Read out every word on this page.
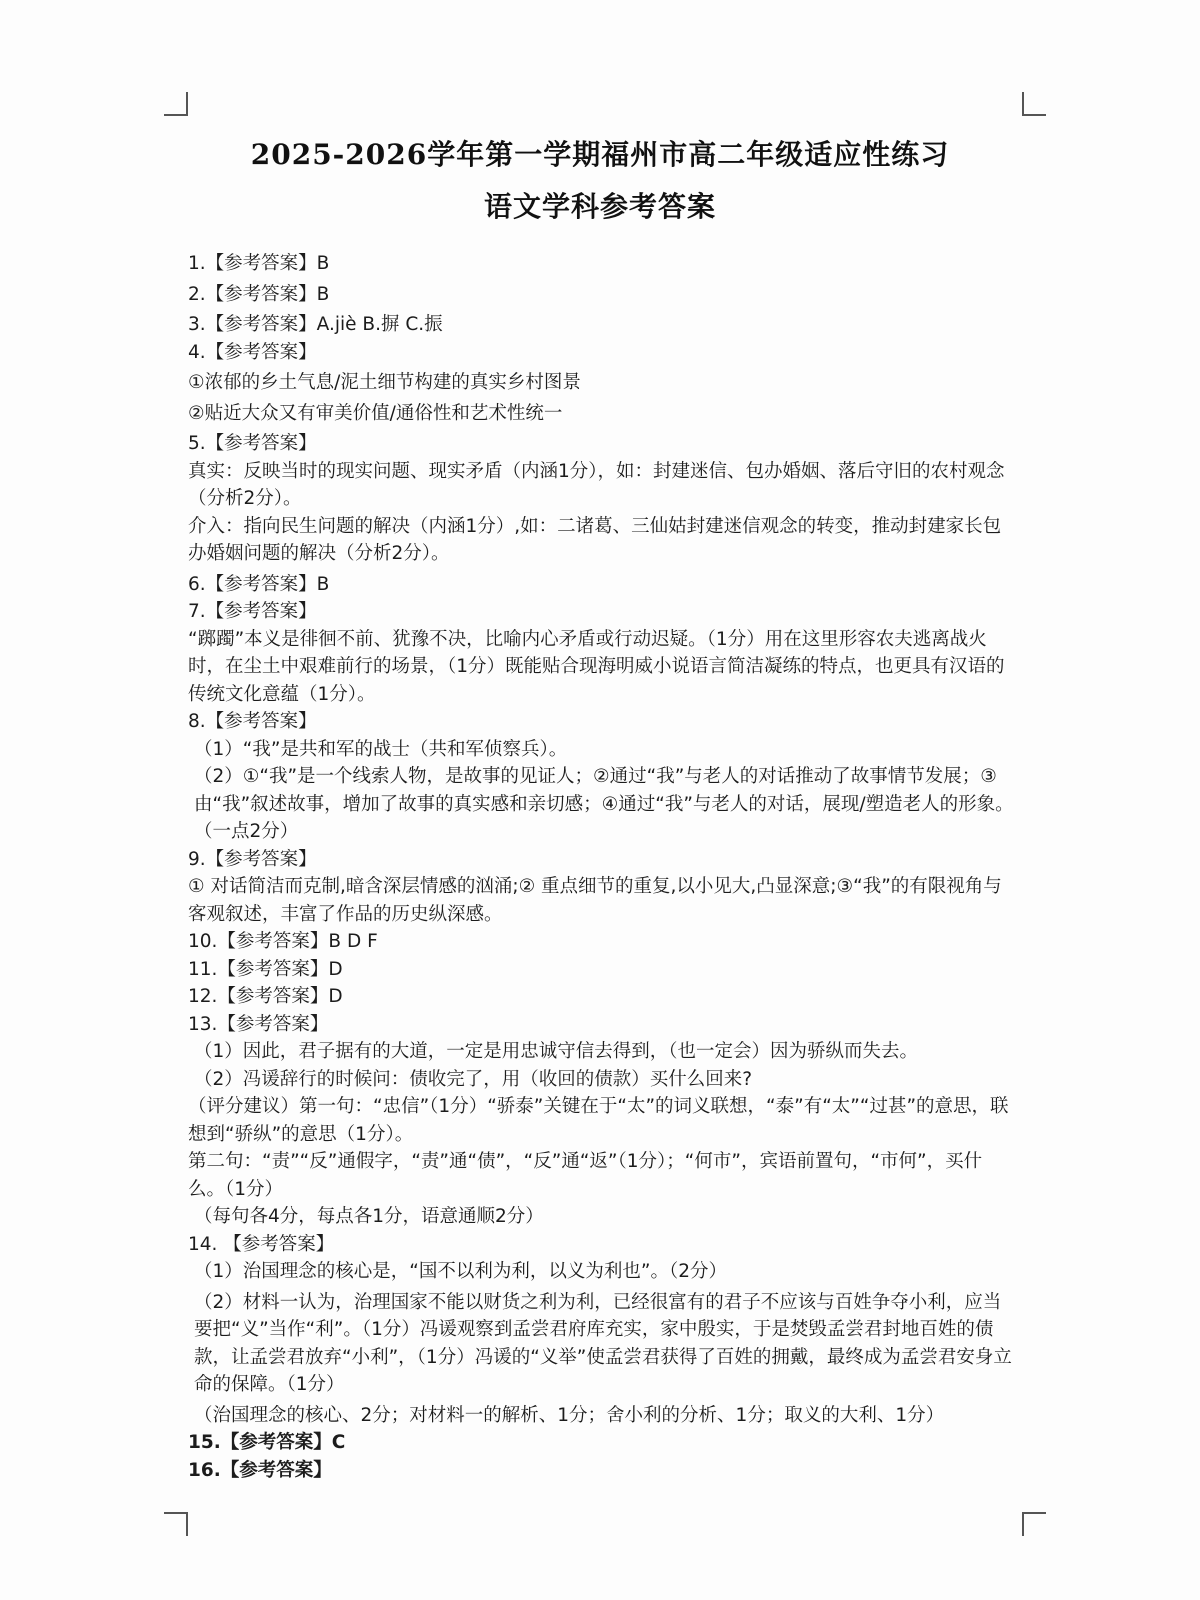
2025-2026学年第一学期福州市高二年级适应性练习
语文学科参考答案

1.【参考答案】B

2.【参考答案】B

3.【参考答案】A.jiè B.摒 C.振

4.【参考答案】

①浓郁的乡土气息/泥土细节构建的真实乡村图景

②贴近大众又有审美价值/通俗性和艺术性统一

5.【参考答案】

真实：反映当时的现实问题、现实矛盾（内涵1分），如：封建迷信、包办婚姻、落后守旧的农村观念（分析2分）。

介入：指向民生问题的解决（内涵1分）,如：二诸葛、三仙姑封建迷信观念的转变，推动封建家长包办婚姻问题的解决（分析2分）。

6.【参考答案】B

7.【参考答案】

“踯躅”本义是徘徊不前、犹豫不决，比喻内心矛盾或行动迟疑。（1分）用在这里形容农夫逃离战火时，在尘土中艰难前行的场景，（1分）既能贴合现海明威小说语言简洁凝练的特点，也更具有汉语的传统文化意蕴（1分）。

8.【参考答案】

（1）“我”是共和军的战士（共和军侦察兵）。

（2）①“我”是一个线索人物，是故事的见证人；②通过“我”与老人的对话推动了故事情节发展；③由“我”叙述故事，增加了故事的真实感和亲切感；④通过“我”与老人的对话，展现/塑造老人的形象。（一点2分）

9.【参考答案】

① 对话简洁而克制,暗含深层情感的汹涌;② 重点细节的重复,以小见大,凸显深意;③“我”的有限视角与客观叙述，丰富了作品的历史纵深感。

10.【参考答案】B D F

11.【参考答案】D

12.【参考答案】D

13.【参考答案】

（1）因此，君子据有的大道，一定是用忠诚守信去得到，（也一定会）因为骄纵而失去。

（2）冯谖辞行的时候问：债收完了，用（收回的债款）买什么回来?

（评分建议）第一句：“忠信”（1分）“骄泰”关键在于“太”的词义联想，“泰”有“太”“过甚”的意思，联想到“骄纵”的意思（1分）。

第二句：“责”“反”通假字，“责”通“债”，“反”通“返”（1分）；“何市”，宾语前置句，“市何”，买什么。（1分）

（每句各4分，每点各1分，语意通顺2分）

14. 【参考答案】

（1）治国理念的核心是，“国不以利为利，以义为利也”。（2分）

（2）材料一认为，治理国家不能以财货之利为利，已经很富有的君子不应该与百姓争夺小利，应当要把“义”当作“利”。（1分）冯谖观察到孟尝君府库充实，家中殷实，于是焚毁孟尝君封地百姓的债款，让孟尝君放弃“小利”，（1分）冯谖的“义举”使孟尝君获得了百姓的拥戴，最终成为孟尝君安身立命的保障。（1分）

（治国理念的核心、2分；对材料一的解析、1分；舍小利的分析、1分；取义的大利、1分）

15.【参考答案】C

16.【参考答案】
